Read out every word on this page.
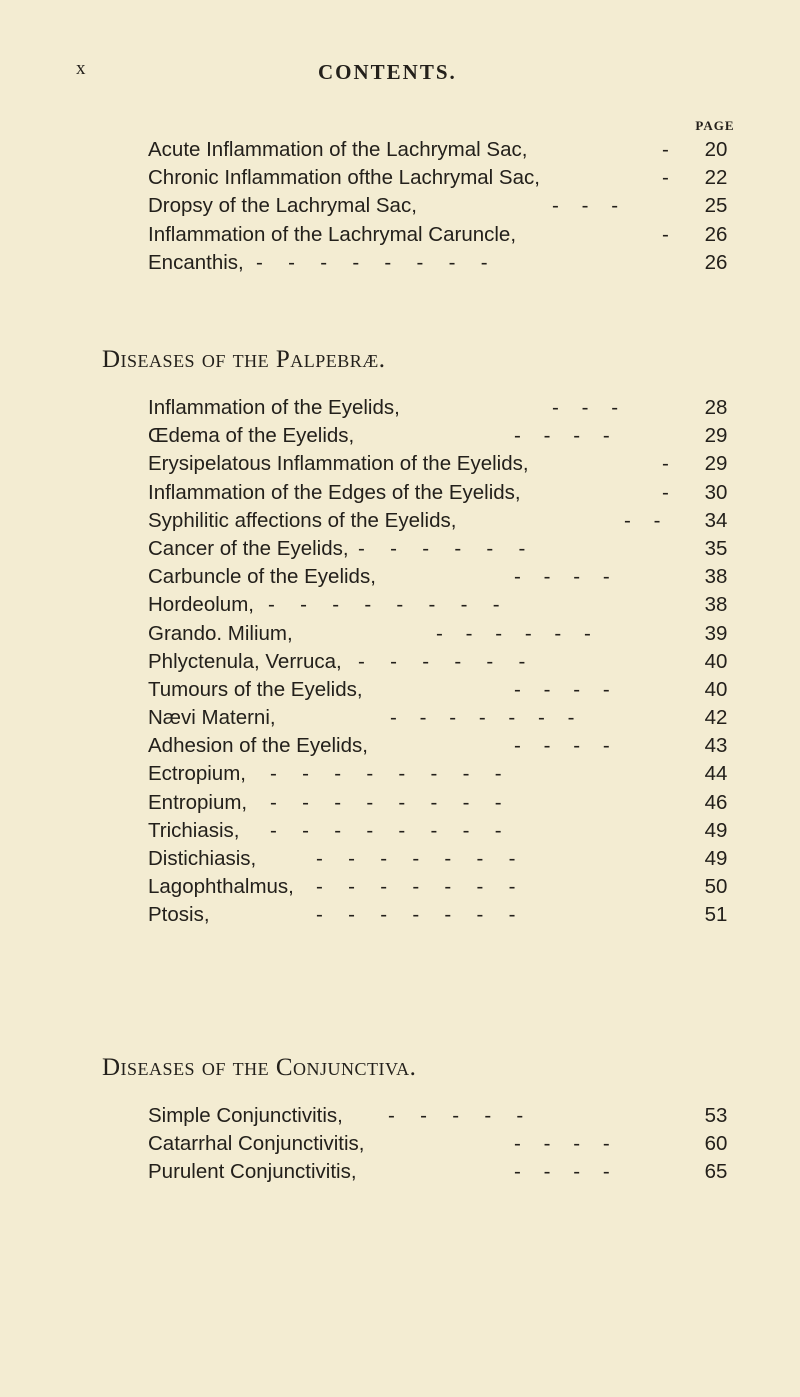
x	CONTENTS.
PAGE
Acute Inflammation of the Lachrymal Sac,	-	20
Chronic Inflammation ofthe Lachrymal Sac,	-	22
Dropsy of the Lachrymal Sac,	-    -    -	25
Inflammation of the Lachrymal Caruncle,	-	26
Encanthis, -    -    -    -    -    -    -    -	26
Diseases of the Palpebræ.
Inflammation of the Eyelids,	-    -    -	28
Œdema of the Eyelids,	-    -    -    -	29
Erysipelatous Inflammation of the Eyelids,	-	29
Inflammation of the Edges of the Eyelids,	-	30
Syphilitic affections of the Eyelids,	-    -	34
Cancer of the Eyelids, -    -    -    -    -    -	35
Carbuncle of the Eyelids,	-    -    -    -	38
Hordeolum, -    -    -    -    -    -    -    -	38
Grando. Milium,	-    -    -    -    -    -	39
Phlyctenula, Verruca, -    -    -    -    -    -	40
Tumours of the Eyelids,	-    -    -    -	40
Nævi Materni,	-    -    -    -    -    -    -	42
Adhesion of the Eyelids,	-    -    -    -	43
Ectropium, -    -    -    -    -    -    -    -	44
Entropium, -    -    -    -    -    -    -    -	46
Trichiasis, -    -    -    -    -    -    -    -	49
Distichiasis,	-    -    -    -    -    -    -	49
Lagophthalmus, -    -    -    -    -    -    -	50
Ptosis,	-    -    -    -    -    -    -	51
Diseases of the Conjunctiva.
Simple Conjunctivitis, -    -    -    -    -	53
Catarrhal Conjunctivitis,	-    -    -    -	60
Purulent Conjunctivitis,	-    -    -    -	65
